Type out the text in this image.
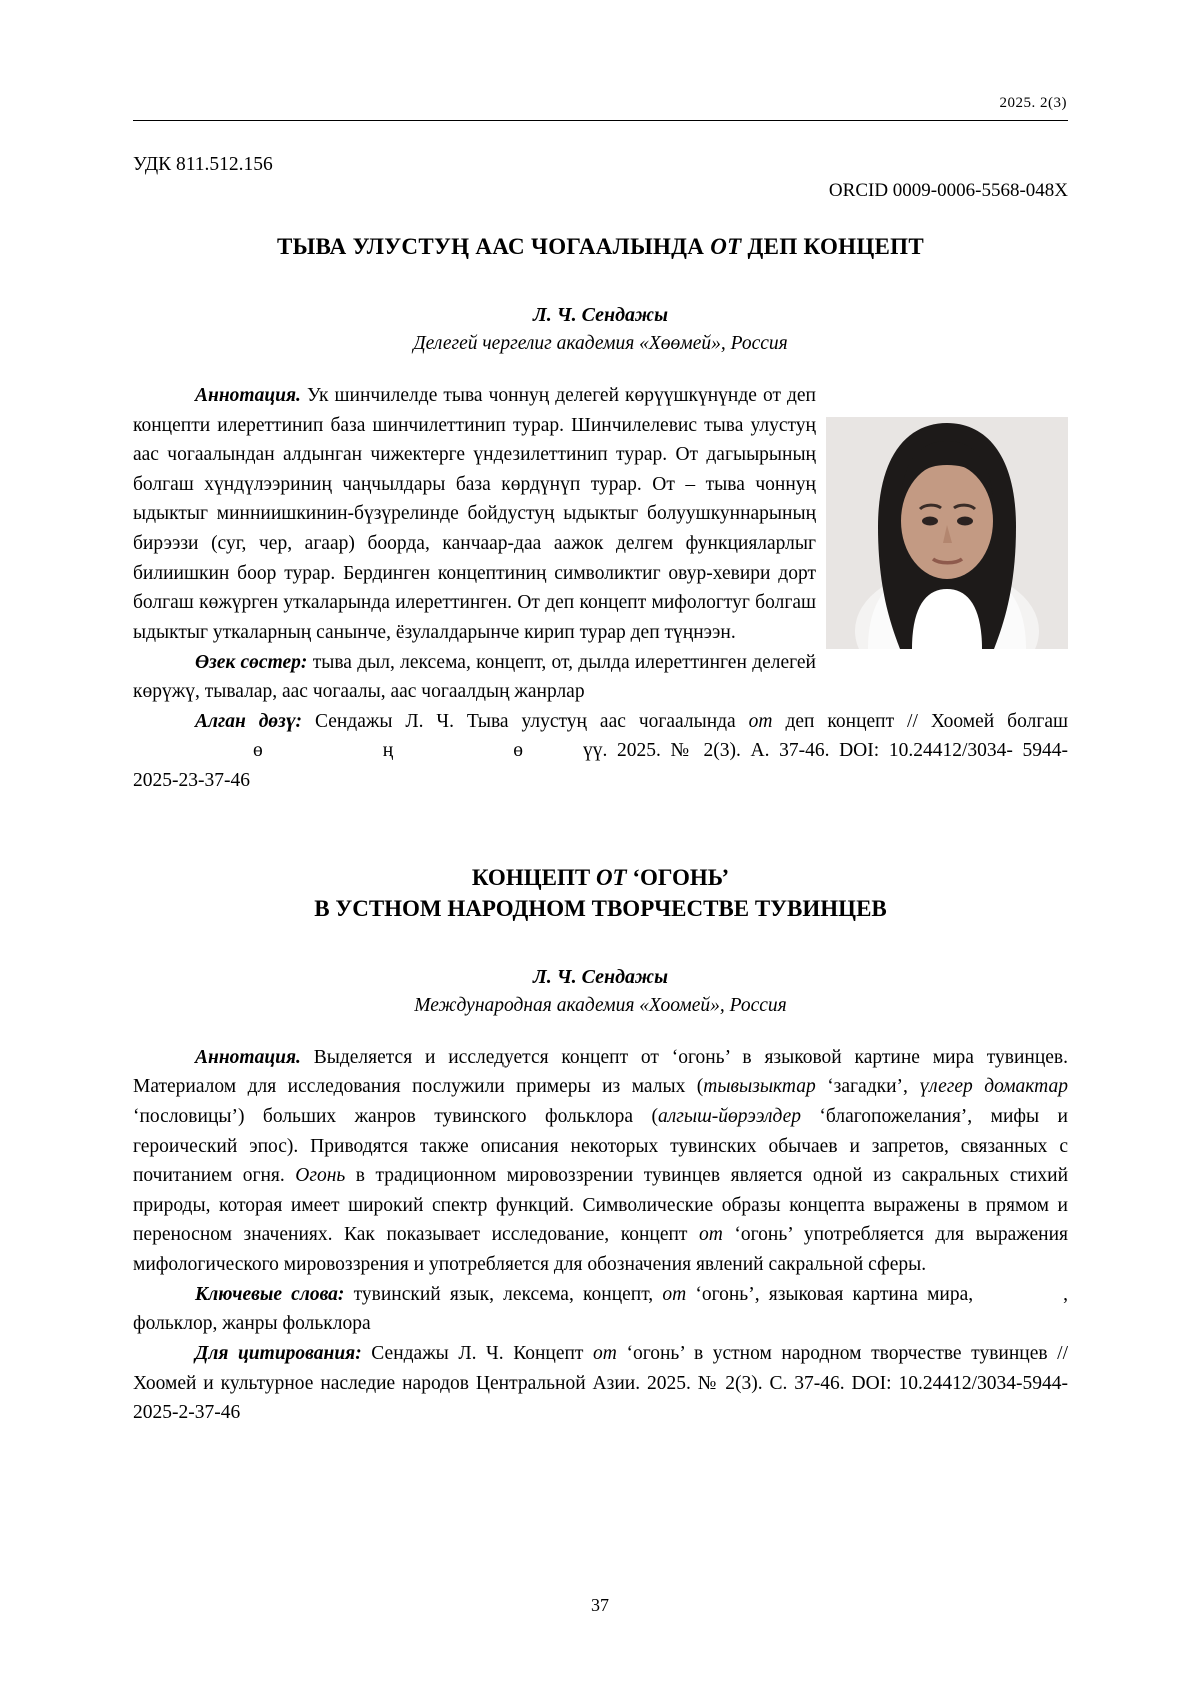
2025. 2(3)
УДК 811.512.156
ORCID 0009-0006-5568-048X
ТЫВА УЛУСТУҢ ААС ЧОГААЛЫНДА ОТ ДЕП КОНЦЕПТ
Л. Ч. Сендажы
Делегей чергелиг академия «Хөөмей», Россия

Аннотация. Ук шинчилелде тыва чоннуң делегей көрүүшкүнүнде от деп концепти илереттинип база шинчилеттинип турар. Шинчилелевис тыва улустуң аас чогаалындан алдынган чижектерге үндезилеттинип турар. От дагыырының болгаш хүндүлээриниң чаңчылдары база көрдүнүп турар. От – тыва чоннуң ыдыктыг минниишкинин-бүзүрелинде бойдустуң ыдыктыг болуушкуннарының бирээзи (суг, чер, агаар) боорда, канчаар-даа аажок делгем функцияларлыг билиишкин боop турар. Бердинген концептиниң символиктиг овур-хевири дорт болгаш көжүрген уткаларында илереттинген. От деп концепт мифологтуг болгаш ыдыктыг уткаларның санынче, ёзулалдарынче кирип турар деп түңнээн.

Өзек сөстер: тыва дыл, лексема, концепт, от, дылда илереттинген делегей көрүжү, тывалар, аас чогаалы, аас чогаалдың жанрлар

Алган дөзү: Сендажы Л. Ч. Тыва улустуң аас чогаалында от деп концепт // Хоомей болгашө	ң	ө	үү. 2025. № 2(3). А. 37-46. DOI: 10.24412/3034- 5944-2025-23-37-46

КОНЦЕПТ ОТ ‘ОГОНЬ’
В УСТНОМ НАРОДНОМ ТВОРЧЕСТВЕ ТУВИНЦЕВ
Л. Ч. Сендажы
Международная академия «Хоомей», Россия

Аннотация. Выделяется и исследуется концепт от ‘огонь’ в языковой картине мира тувинцев. Материалом для исследования послужили примеры из малых (тывызыктар ‘загадки’, үлегер домактар ‘пословицы’) больших жанров тувинского фольклора (алгыш-йөрээлдер ‘благопожелания’, мифы и героический эпос). Приводятся также описания некоторых тувинских обычаев и запретов, связанных с почитанием огня. Огонь в традиционном мировоззрении тувинцев является одной из сакральных стихий природы, которая имеет широкий спектр функций. Символические образы концепта выражены в прямом и переносном значениях. Как показывает исследование, концепт от ‘огонь’ употребляется для выражения мифологического мировоззрения и употребляется для обозначения явлений сакральной сферы.

Ключевые слова: тувинский язык, лексема, концепт, от ‘огонь’, языковая картина мира,	, фольклор, жанры фольклора

Для цитирования: Сендажы Л. Ч. Концепт от ‘огонь’ в устном народном творчестве тувинцев // Хоомей и культурное наследие народов Центральной Азии. 2025. № 2(3). С. 37-46. DOI: 10.24412/3034-5944-2025-2-37-46

37
